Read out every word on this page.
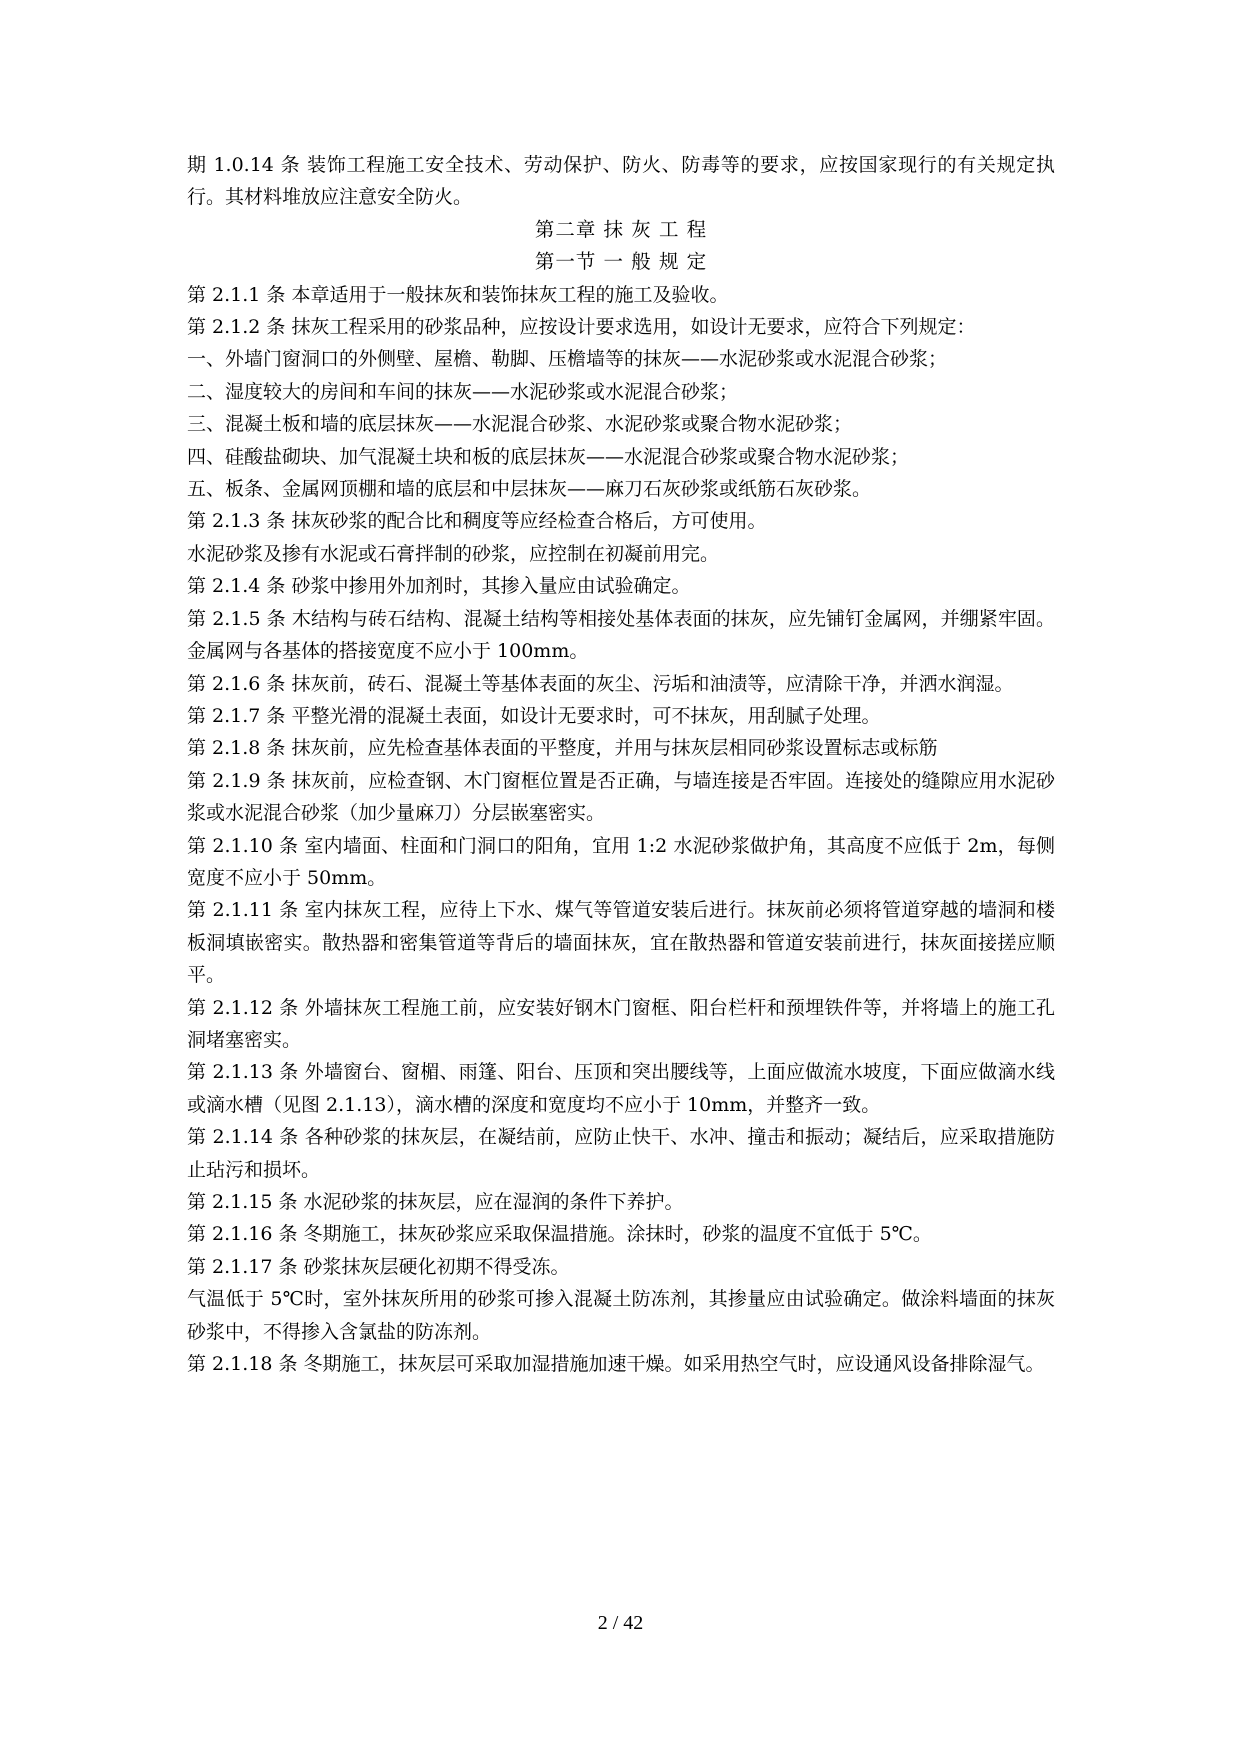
期 1.0.14 条 装饰工程施工安全技术、劳动保护、防火、防毒等的要求，应按国家现行的有关规定执行。其材料堆放应注意安全防火。

第二章 抹 灰 工 程

第一节 一 般 规 定

第 2.1.1 条 本章适用于一般抹灰和装饰抹灰工程的施工及验收。

第 2.1.2 条 抹灰工程采用的砂浆品种，应按设计要求选用，如设计无要求，应符合下列规定：

一、外墙门窗洞口的外侧壁、屋檐、勒脚、压檐墙等的抹灰——水泥砂浆或水泥混合砂浆；

二、湿度较大的房间和车间的抹灰——水泥砂浆或水泥混合砂浆；

三、混凝土板和墙的底层抹灰——水泥混合砂浆、水泥砂浆或聚合物水泥砂浆；

四、硅酸盐砌块、加气混凝土块和板的底层抹灰——水泥混合砂浆或聚合物水泥砂浆；

五、板条、金属网顶棚和墙的底层和中层抹灰——麻刀石灰砂浆或纸筋石灰砂浆。

第 2.1.3 条 抹灰砂浆的配合比和稠度等应经检查合格后，方可使用。

水泥砂浆及掺有水泥或石膏拌制的砂浆，应控制在初凝前用完。

第 2.1.4 条 砂浆中掺用外加剂时，其掺入量应由试验确定。

第 2.1.5 条 木结构与砖石结构、混凝土结构等相接处基体表面的抹灰，应先铺钉金属网，并绷紧牢固。金属网与各基体的搭接宽度不应小于 100mm。

第 2.1.6 条 抹灰前，砖石、混凝土等基体表面的灰尘、污垢和油渍等，应清除干净，并洒水润湿。

第 2.1.7 条 平整光滑的混凝土表面，如设计无要求时，可不抹灰，用刮腻子处理。

第 2.1.8 条 抹灰前，应先检查基体表面的平整度，并用与抹灰层相同砂浆设置标志或标筋

第 2.1.9 条 抹灰前，应检查钢、木门窗框位置是否正确，与墙连接是否牢固。连接处的缝隙应用水泥砂浆或水泥混合砂浆（加少量麻刀）分层嵌塞密实。

第 2.1.10 条 室内墙面、柱面和门洞口的阳角，宜用 1:2 水泥砂浆做护角，其高度不应低于 2m，每侧宽度不应小于 50mm。

第 2.1.11 条 室内抹灰工程，应待上下水、煤气等管道安装后进行。抹灰前必须将管道穿越的墙洞和楼板洞填嵌密实。散热器和密集管道等背后的墙面抹灰，宜在散热器和管道安装前进行，抹灰面接搓应顺平。

第 2.1.12 条 外墙抹灰工程施工前，应安装好钢木门窗框、阳台栏杆和预埋铁件等，并将墙上的施工孔洞堵塞密实。

第 2.1.13 条 外墙窗台、窗楣、雨篷、阳台、压顶和突出腰线等，上面应做流水坡度，下面应做滴水线或滴水槽（见图 2.1.13），滴水槽的深度和宽度均不应小于 10mm，并整齐一致。

第 2.1.14 条 各种砂浆的抹灰层，在凝结前，应防止快干、水冲、撞击和振动；凝结后，应采取措施防止玷污和损坏。

第 2.1.15 条 水泥砂浆的抹灰层，应在湿润的条件下养护。

第 2.1.16 条 冬期施工，抹灰砂浆应采取保温措施。涂抹时，砂浆的温度不宜低于 5℃。

第 2.1.17 条 砂浆抹灰层硬化初期不得受冻。

气温低于 5℃时，室外抹灰所用的砂浆可掺入混凝土防冻剂，其掺量应由试验确定。做涂料墙面的抹灰砂浆中，不得掺入含氯盐的防冻剂。

第 2.1.18 条 冬期施工，抹灰层可采取加湿措施加速干燥。如采用热空气时，应设通风设备排除湿气。

2 / 42
